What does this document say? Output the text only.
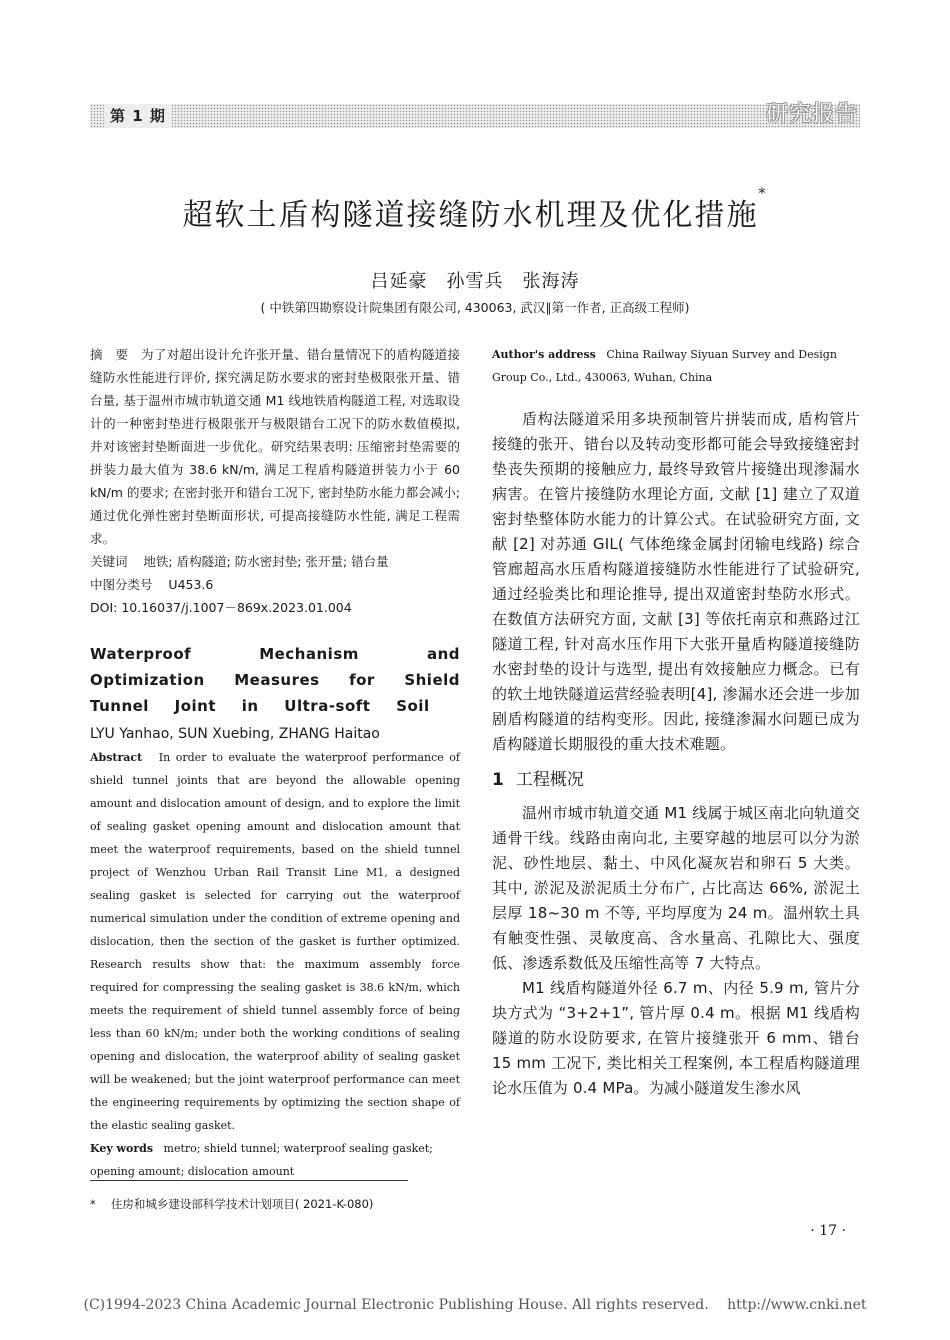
第 1 期	研究报告
超软土盾构隧道接缝防水机理及优化措施*
吕延豪　孙雪兵　张海涛
( 中铁第四勘察设计院集团有限公司, 430063, 武汉∥第一作者, 正高级工程师)

摘　要 为了对超出设计允许张开量、错台量情况下的盾构隧道接缝防水性能进行评价, 探究满足防水要求的密封垫极限张开量、错台量, 基于温州市城市轨道交通 M1 线地铁盾构隧道工程, 对选取设计的一种密封垫进行极限张开与极限错台工况下的防水数值模拟, 并对该密封垫断面进一步优化。研究结果表明: 压缩密封垫需要的拼装力最大值为 38.6 kN/m, 满足工程盾构隧道拼装力小于 60 kN/m 的要求; 在密封张开和错台工况下, 密封垫防水能力都会减小; 通过优化弹性密封垫断面形状, 可提高接缝防水性能, 满足工程需求。

关键词 地铁; 盾构隧道; 防水密封垫; 张开量; 错台量

中图分类号 U453.6

DOI: 10.16037/j.1007－869x.2023.01.004

Waterproof Mechanism and Optimization Measures for Shield Tunnel Joint in Ultra-soft Soil
LYU Yanhao, SUN Xuebing, ZHANG Haitao

Abstract In order to evaluate the waterproof performance of shield tunnel joints that are beyond the allowable opening amount and dislocation amount of design, and to explore the limit of sealing gasket opening amount and dislocation amount that meet the waterproof requirements, based on the shield tunnel project of Wenzhou Urban Rail Transit Line M1, a designed sealing gasket is selected for carrying out the waterproof numerical simulation under the condition of extreme opening and dislocation, then the section of the gasket is further optimized. Research results show that: the maximum assembly force required for compressing the sealing gasket is 38.6 kN/m, which meets the requirement of shield tunnel assembly force of being less than 60 kN/m; under both the working conditions of sealing opening and dislocation, the waterproof ability of sealing gasket will be weakened; but the joint waterproof performance can meet the engineering requirements by optimizing the section shape of the elastic sealing gasket.

Key words metro; shield tunnel; waterproof sealing gasket; opening amount; dislocation amount

* 　住房和城乡建设部科学技术计划项目( 2021-K-080)

Author's address China Railway Siyuan Survey and Design Group Co., Ltd., 430063, Wuhan, China

盾构法隧道采用多块预制管片拼装而成, 盾构管片接缝的张开、错台以及转动变形都可能会导致接缝密封垫丧失预期的接触应力, 最终导致管片接缝出现渗漏水病害。在管片接缝防水理论方面, 文献 [1] 建立了双道密封垫整体防水能力的计算公式。在试验研究方面, 文献 [2] 对苏通 GIL( 气体绝缘金属封闭输电线路) 综合管廊超高水压盾构隧道接缝防水性能进行了试验研究, 通过经验类比和理论推导, 提出双道密封垫防水形式。在数值方法研究方面, 文献 [3] 等依托南京和燕路过江隧道工程, 针对高水压作用下大张开量盾构隧道接缝防水密封垫的设计与选型, 提出有效接触应力概念。已有的软土地铁隧道运营经验表明[4], 渗漏水还会进一步加剧盾构隧道的结构变形。因此, 接缝渗漏水问题已成为盾构隧道长期服役的重大技术难题。

1 工程概况

温州市城市轨道交通 M1 线属于城区南北向轨道交通骨干线。线路由南向北, 主要穿越的地层可以分为淤泥、砂性地层、黏土、中风化凝灰岩和卵石 5 大类。其中, 淤泥及淤泥质土分布广, 占比高达 66%, 淤泥土层厚 18~30 m 不等, 平均厚度为 24 m。温州软土具有触变性强、灵敏度高、含水量高、孔隙比大、强度低、渗透系数低及压缩性高等 7 大特点。

M1 线盾构隧道外径 6.7 m、内径 5.9 m, 管片分块方式为 “3+2+1”, 管片厚 0.4 m。根据 M1 线盾构隧道的防水设防要求, 在管片接缝张开 6 mm、错台 15 mm 工况下, 类比相关工程案例, 本工程盾构隧道理论水压值为 0.4 MPa。为减小隧道发生渗水风

· 17 ·
(C)1994-2023 China Academic Journal Electronic Publishing House. All rights reserved.　 http://www.cnki.net
